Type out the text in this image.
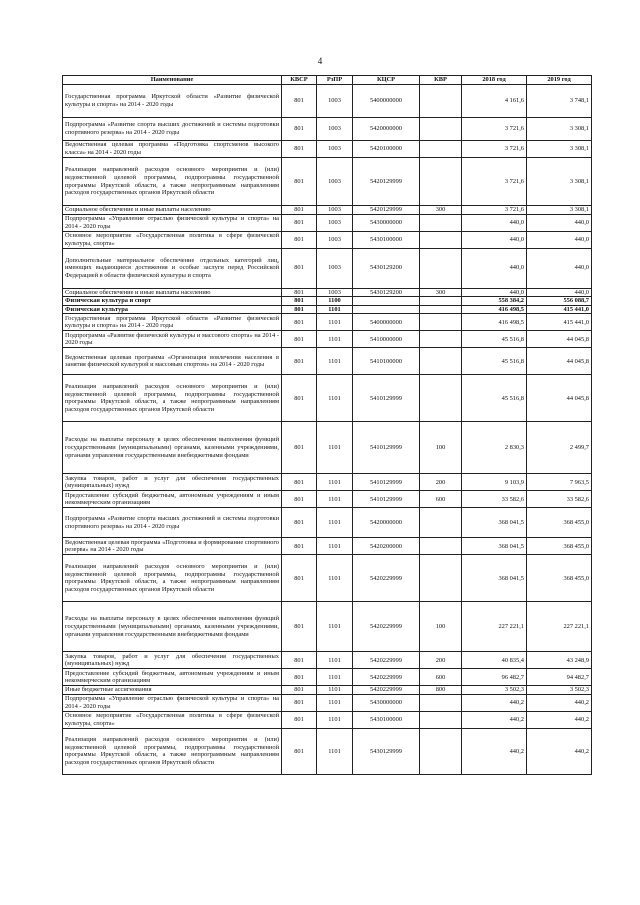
4
Наименование	КВСР	РзПР	КЦСР	КВР	2018 год	2019 год
Государственная программа Иркутской области «Развитие физической культуры и спорта» на 2014 - 2020 годы	801	1003	5400000000		4 161,6	3 748,1
Подпрограмма «Развитие спорта высших достижений и системы подготовки спортивного резерва» на 2014 - 2020 годы	801	1003	5420000000		3 721,6	3 308,1
Ведомственная целевая программа «Подготовка спортсменов высокого класса» на 2014 - 2020 годы	801	1003	5420100000		3 721,6	3 308,1
Реализация направлений расходов основного мероприятия и (или) ведомственной целевой программы, подпрограммы государственной программы Иркутской области, а также непрограммным направлениям расходов государственных органов Иркутской области	801	1003	5420129999		3 721,6	3 308,1
Социальное обеспечение и иные выплаты населению	801	1003	5420129999	300	3 721,6	3 308,1
Подпрограмма «Управление отраслью физической культуры и спорта» на 2014 - 2020 годы	801	1003	5430000000		440,0	440,0
Основное мероприятие «Государственная политика в сфере физической культуры, спорта»	801	1003	5430100000		440,0	440,0
Дополнительные материальное обеспечение отдельных категорий лиц, имеющих выдающиеся достижения и особые заслуги перед Российской Федерацией в области физической культуры и спорта	801	1003	5430129200		440,0	440,0
Социальное обеспечение и иные выплаты населению	801	1003	5430129200	300	440,0	440,0
Физическая культура и спорт	801	1100			558 384,2	556 088,7
Физическая культура	801	1101			416 498,5	415 441,0
Государственная программа Иркутской области «Развитие физической культуры и спорта» на 2014 - 2020 годы	801	1101	5400000000		416 498,5	415 441,0
Подпрограмма «Развитие физической культуры и массового спорта» на 2014 - 2020 годы	801	1101	5410000000		45 516,8	44 045,8
Ведомственная целевая программа «Организация вовлечения населения в занятия физической культурой и массовым спортом» на 2014 - 2020 годы	801	1101	5410100000		45 516,8	44 045,8
Реализация направлений расходов основного мероприятия и (или) ведомственной целевой программы, подпрограммы государственной программы Иркутской области, а также непрограммным направлениям расходов государственных органов Иркутской области	801	1101	5410129999		45 516,8	44 045,8
Расходы на выплаты персоналу в целях обеспечения выполнения функций государственными (муниципальными) органами, казенными учреждениями, органами управления государственными внебюджетными фондами	801	1101	5410129999	100	2 830,3	2 499,7
Закупка товаров, работ и услуг для обеспечения государственных (муниципальных) нужд	801	1101	5410129999	200	9 103,9	7 963,5
Предоставление субсидий бюджетным, автономным учреждениям и иным некоммерческим организациям	801	1101	5410129999	600	33 582,6	33 582,6
Подпрограмма «Развитие спорта высших достижений и системы подготовки спортивного резерва» на 2014 - 2020 годы	801	1101	5420000000		368 041,5	368 455,0
Ведомственная целевая программа «Подготовка и формирование спортивного резерва» на 2014 - 2020 годы	801	1101	5420200000		368 041,5	368 455,0
Реализация направлений расходов основного мероприятия и (или) ведомственной целевой программы, подпрограммы государственной программы Иркутской области, а также непрограммным направлениям расходов государственных органов Иркутской области	801	1101	5420229999		368 041,5	368 455,0
Расходы на выплаты персоналу в целях обеспечения выполнения функций государственными (муниципальными) органами, казенными учреждениями, органами управления государственными внебюджетными фондами	801	1101	5420229999	100	227 221,1	227 221,1
Закупка товаров, работ и услуг для обеспечения государственных (муниципальных) нужд	801	1101	5420229999	200	40 835,4	43 248,9
Предоставление субсидий бюджетным, автономным учреждениям и иным некоммерческим организациям	801	1101	5420229999	600	96 482,7	94 482,7
Иные бюджетные ассигнования	801	1101	5420229999	800	3 502,3	3 502,3
Подпрограмма «Управление отраслью физической культуры и спорта» на 2014 - 2020 годы	801	1101	5430000000		440,2	440,2
Основное мероприятие «Государственная политика в сфере физической культуры, спорта»	801	1101	5430100000		440,2	440,2
Реализация направлений расходов основного мероприятия и (или) ведомственной целевой программы, подпрограммы государственной программы Иркутской области, а также непрограммным направлениям расходов государственных органов Иркутской области	801	1101	5430129999		440,2	440,2
